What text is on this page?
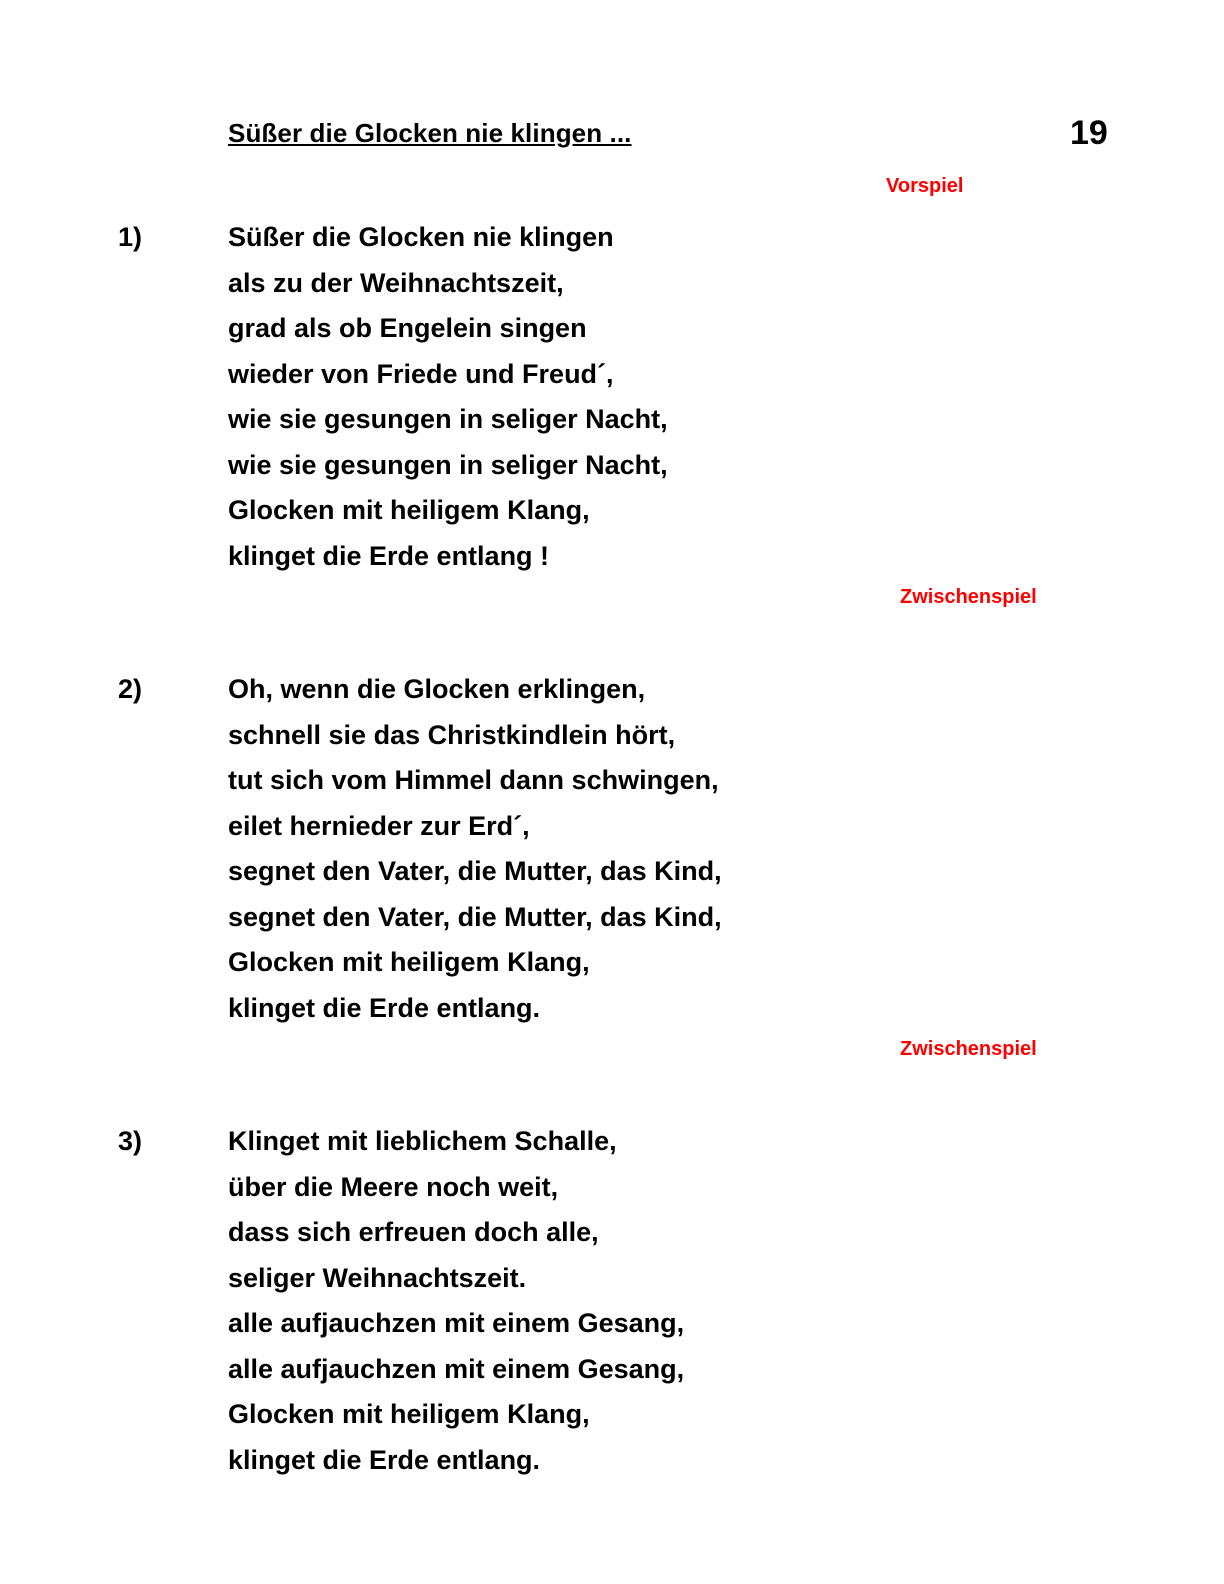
Süßer die Glocken nie klingen ...	19
Vorspiel
1)	Süßer die Glocken nie klingen
als zu der Weihnachtszeit,
grad als ob Engelein singen
wieder von Friede und Freud´,
wie sie gesungen in seliger Nacht,
wie sie gesungen in seliger Nacht,
Glocken mit heiligem Klang,
klinget die Erde entlang !
Zwischenspiel
2)	Oh, wenn die Glocken erklingen,
schnell sie das Christkindlein hört,
tut sich vom Himmel dann schwingen,
eilet hernieder zur Erd´,
segnet den Vater, die Mutter, das Kind,
segnet den Vater, die Mutter, das Kind,
Glocken mit heiligem Klang,
klinget die Erde entlang.
Zwischenspiel
3)	Klinget mit lieblichem Schalle,
über die Meere noch weit,
dass sich erfreuen doch alle,
seliger Weihnachtszeit.
alle aufjauchzen mit einem Gesang,
alle aufjauchzen mit einem Gesang,
Glocken mit heiligem Klang,
klinget die Erde entlang.
